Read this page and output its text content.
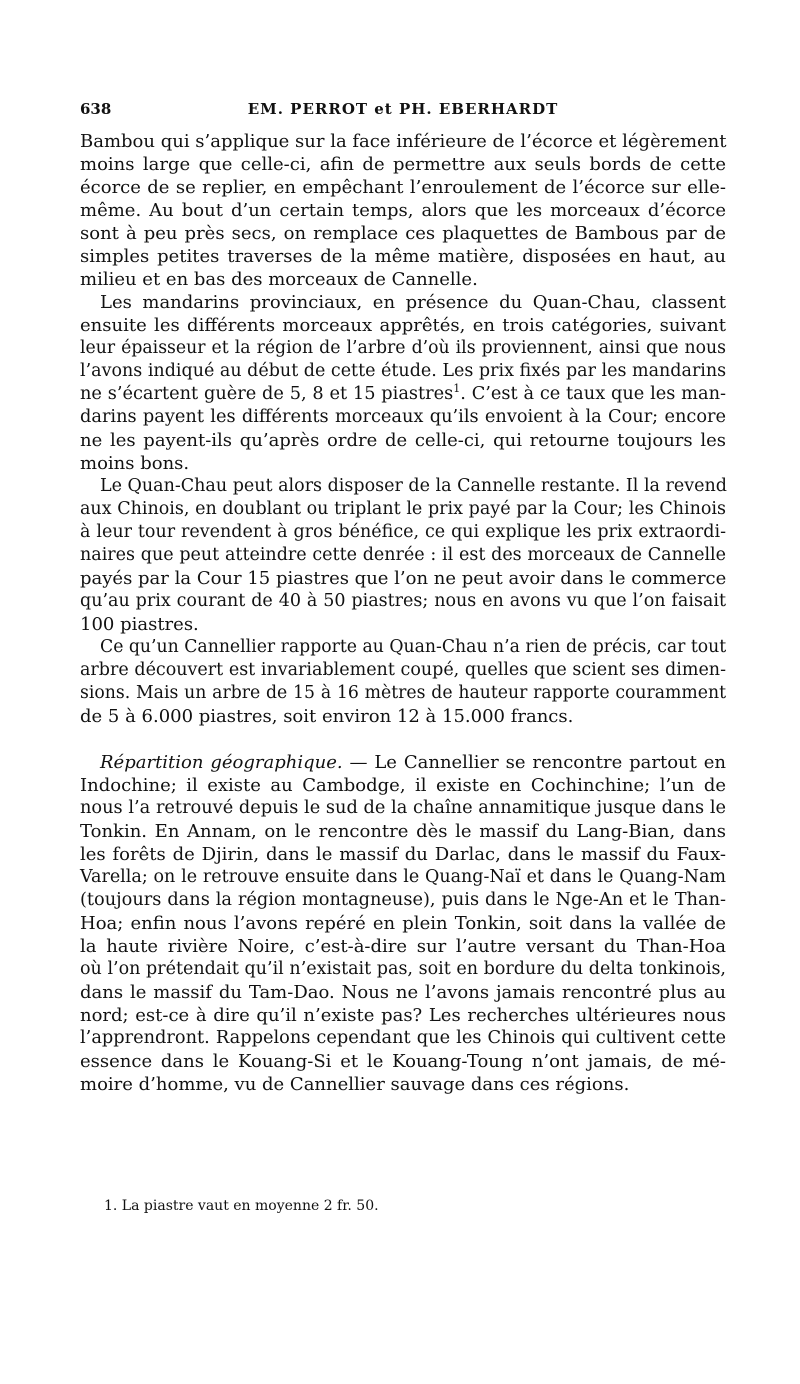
638	EM. PERROT et PH. EBERHARDT
Bambou qui s’applique sur la face inférieure de l’écorce et légèrement
moins large que celle-ci, afin de permettre aux seuls bords de cette
écorce de se replier, en empêchant l’enroulement de l’écorce sur elle-
même. Au bout d’un certain temps, alors que les morceaux d’écorce
sont à peu près secs, on remplace ces plaquettes de Bambous par de
simples petites traverses de la même matière, disposées en haut, au
milieu et en bas des morceaux de Cannelle.
Les mandarins provinciaux, en présence du Quan-Chau, classent
ensuite les différents morceaux apprêtés, en trois catégories, suivant
leur épaisseur et la région de l’arbre d’où ils proviennent, ainsi que nous
l’avons indiqué au début de cette étude. Les prix fixés par les mandarins
ne s’écartent guère de 5, 8 et 15 piastres$^1$. C’est à ce taux que les man-
darins payent les différents morceaux qu’ils envoient à la Cour; encore
ne les payent-ils qu’après ordre de celle-ci, qui retourne toujours les
moins bons.
Le Quan-Chau peut alors disposer de la Cannelle restante. Il la revend
aux Chinois, en doublant ou triplant le prix payé par la Cour; les Chinois
à leur tour revendent à gros bénéfice, ce qui explique les prix extraordi-
naires que peut atteindre cette denrée : il est des morceaux de Cannelle
payés par la Cour 15 piastres que l’on ne peut avoir dans le commerce
qu’au prix courant de 40 à 50 piastres; nous en avons vu que l’on faisait
100 piastres.
Ce qu’un Cannellier rapporte au Quan-Chau n’a rien de précis, car tout
arbre découvert est invariablement coupé, quelles que scient ses dimen-
sions. Mais un arbre de 15 à 16 mètres de hauteur rapporte couramment
de 5 à 6.000 piastres, soit environ 12 à 15.000 francs.
Répartition géographique. — Le Cannellier se rencontre partout en
Indochine; il existe au Cambodge, il existe en Cochinchine; l’un de
nous l’a retrouvé depuis le sud de la chaîne annamitique jusque dans le
Tonkin. En Annam, on le rencontre dès le massif du Lang-Bian, dans
les forêts de Djirin, dans le massif du Darlac, dans le massif du Faux-
Varella; on le retrouve ensuite dans le Quang-Naï et dans le Quang-Nam
(toujours dans la région montagneuse), puis dans le Nge-An et le Than-
Hoa; enfin nous l’avons repéré en plein Tonkin, soit dans la vallée de
la haute rivière Noire, c’est-à-dire sur l’autre versant du Than-Hoa
où l’on prétendait qu’il n’existait pas, soit en bordure du delta tonkinois,
dans le massif du Tam-Dao. Nous ne l’avons jamais rencontré plus au
nord; est-ce à dire qu’il n’existe pas? Les recherches ultérieures nous
l’apprendront. Rappelons cependant que les Chinois qui cultivent cette
essence dans le Kouang-Si et le Kouang-Toung n’ont jamais, de mé-
moire d’homme, vu de Cannellier sauvage dans ces régions.
1. La piastre vaut en moyenne 2 fr. 50.
